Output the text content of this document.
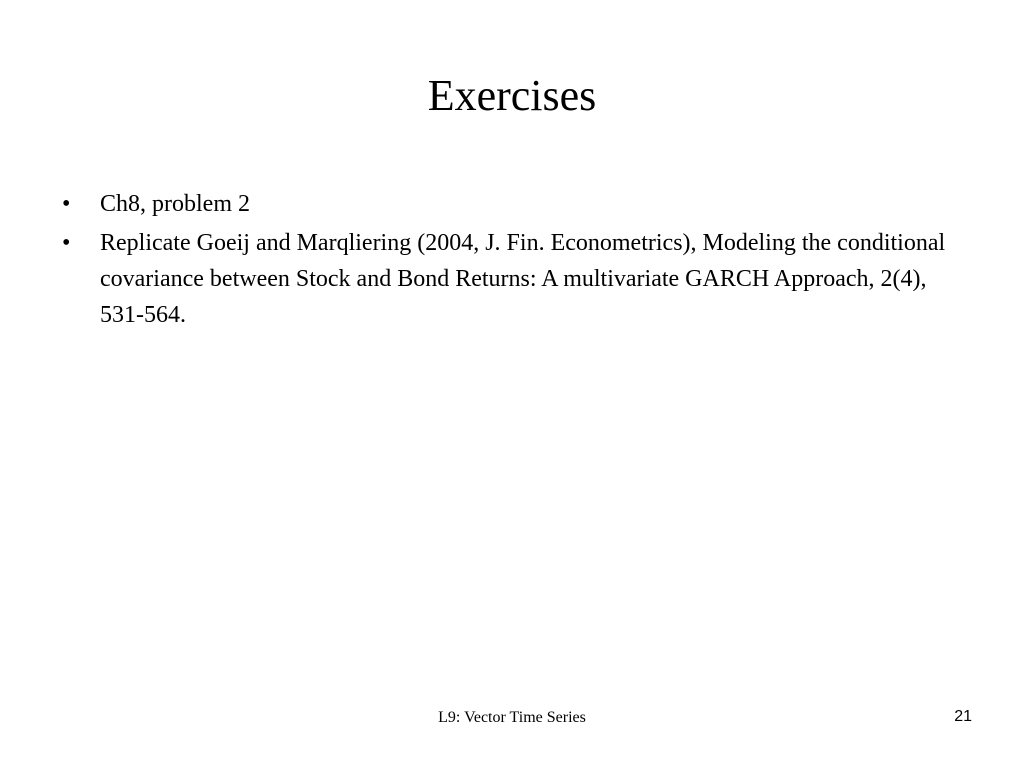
Exercises
•	Ch8, problem 2
•	Replicate Goeij and Marqliering (2004, J. Fin. Econometrics), Modeling the conditional covariance between Stock and Bond Returns: A multivariate GARCH Approach, 2(4), 531-564.
L9: Vector Time Series	21
